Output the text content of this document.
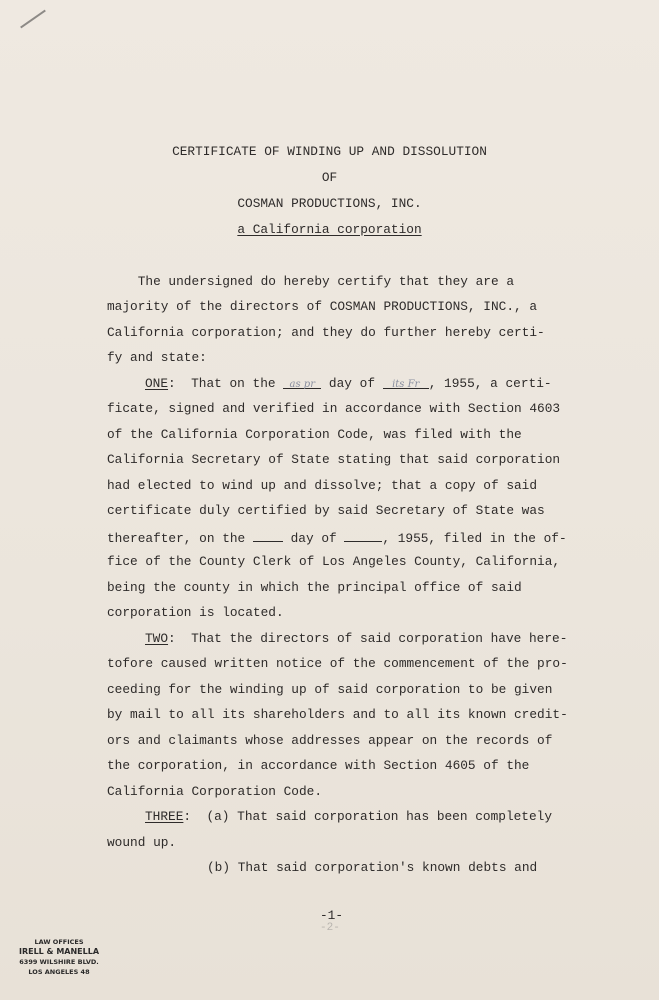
CERTIFICATE OF WINDING UP AND DISSOLUTION
OF
COSMAN PRODUCTIONS, INC.
a California corporation
The undersigned do hereby certify that they are a
majority of the directors of COSMAN PRODUCTIONS, INC., a
California corporation; and they do further hereby certi-
fy and state:
ONE:  That on the as pr day of its Fr , 1955, a certi-
ficate, signed and verified in accordance with Section 4603
of the California Corporation Code, was filed with the
California Secretary of State stating that said corporation
had elected to wind up and dissolve; that a copy of said
certificate duly certified by said Secretary of State was
thereafter, on the  day of	, 1955, filed in the of-
fice of the County Clerk of Los Angeles County, California,
being the county in which the principal office of said
corporation is located.
TWO:  That the directors of said corporation have here-
tofore caused written notice of the commencement of the pro-
ceeding for the winding up of said corporation to be given
by mail to all its shareholders and to all its known credit-
ors and claimants whose addresses appear on the records of
the corporation, in accordance with Section 4605 of the
California Corporation Code.
THREE:  (a) That said corporation has been completely
wound up.
(b) That said corporation's known debts and
-1-
-2-
LAW OFFICES
IRELL & MANELLA
6399 WILSHIRE BLVD.
LOS ANGELES 48
